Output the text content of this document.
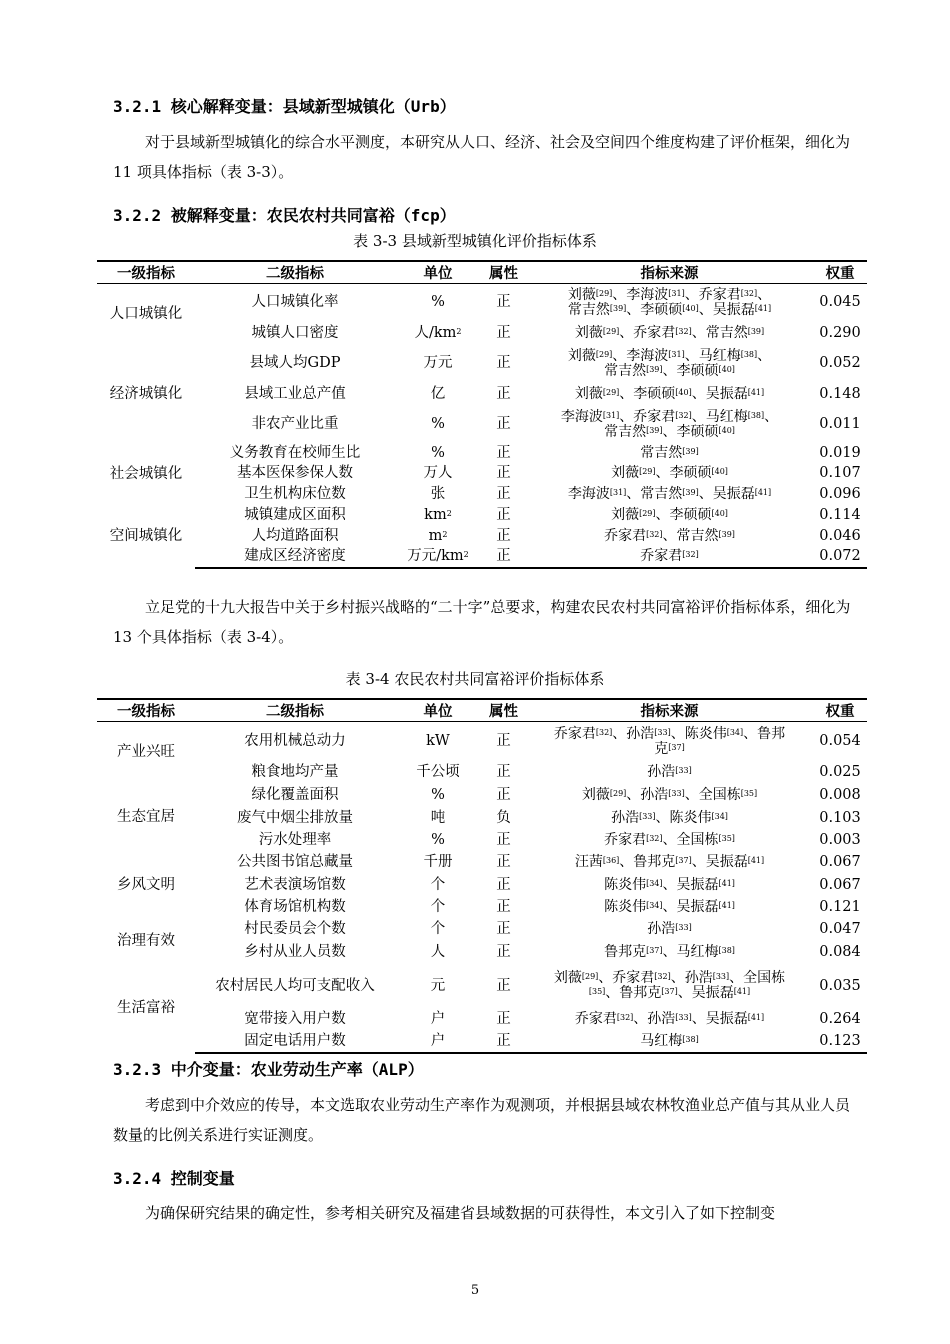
3.2.1 核心解释变量：县域新型城镇化（Urb）
对于县域新型城镇化的综合水平测度，本研究从人口、经济、社会及空间四个维度构建了评价框架，细化为 11 项具体指标（表 3-3）。
3.2.2 被解释变量：农民农村共同富裕（fcp）
表 3-3 县域新型城镇化评价指标体系
一级指标	二级指标	单位	属性	指标来源	权重
人口城镇化	人口城镇化率	%	正	刘薇[29]、李海波[31]、乔家君[32]、
常吉然[39]、李硕硕[40]、吴振磊[41]	0.045
	城镇人口密度	人$/km^2$	正	刘薇[29]、乔家君[32]、常吉然[39]	0.290
经济城镇化	县域人均GDP	万元	正	刘薇[29]、李海波[31]、马红梅[38]、
常吉然[39]、李硕硕[40]	0.052
	县域工业总产值	亿	正	刘薇[29]、李硕硕[40]、吴振磊[41]	0.148
	非农产业比重	%	正	李海波[31]、乔家君[32]、马红梅[38]、
常吉然[39]、李硕硕[40]	0.011
社会城镇化	义务教育在校师生比	%	正	常吉然[39]	0.019
	基本医保参保人数	万人	正	刘薇[29]、李硕硕[40]	0.107
	卫生机构床位数	张	正	李海波[31]、常吉然[39]、吴振磊[41]	0.096
空间城镇化	城镇建成区面积	$km^2$	正	刘薇[29]、李硕硕[40]	0.114
	人均道路面积	$m^2$	正	乔家君[32]、常吉然[39]	0.046
	建成区经济密度	万元$/km^2$	正	乔家君[32]	0.072
立足党的十九大报告中关于乡村振兴战略的“二十字”总要求，构建农民农村共同富裕评价指标体系，细化为 13 个具体指标（表 3-4）。
表 3-4 农民农村共同富裕评价指标体系
一级指标	二级指标	单位	属性	指标来源	权重
产业兴旺	农用机械总动力	kW	正	乔家君[32]、孙浩[33]、陈炎伟[34]、鲁邦
克[37]	0.054
	粮食地均产量	千公顷	正	孙浩[33]	0.025
生态宜居	绿化覆盖面积	%	正	刘薇[29]、孙浩[33]、全国栋[35]	0.008
	废气中烟尘排放量	吨	负	孙浩[33]、陈炎伟[34]	0.103
	污水处理率	%	正	乔家君[32]、全国栋[35]	0.003
乡风文明	公共图书馆总藏量	千册	正	汪茜[36]、鲁邦克[37]、吴振磊[41]	0.067
	艺术表演场馆数	个	正	陈炎伟[34]、吴振磊[41]	0.067
	体育场馆机构数	个	正	陈炎伟[34]、吴振磊[41]	0.121
治理有效	村民委员会个数	个	正	孙浩[33]	0.047
	乡村从业人员数	人	正	鲁邦克[37]、马红梅[38]	0.084
生活富裕	农村居民人均可支配收入	元	正	刘薇[29]、乔家君[32]、孙浩[33]、全国栋
[35]、鲁邦克[37]、吴振磊[41]	0.035
	宽带接入用户数	户	正	乔家君[32]、孙浩[33]、吴振磊[41]	0.264
	固定电话用户数	户	正	马红梅[38]	0.123
3.2.3 中介变量：农业劳动生产率（ALP）
考虑到中介效应的传导，本文选取农业劳动生产率作为观测项，并根据县域农林牧渔业总产值与其从业人员数量的比例关系进行实证测度。
3.2.4 控制变量
为确保研究结果的确定性，参考相关研究及福建省县域数据的可获得性，本文引入了如下控制变
5
